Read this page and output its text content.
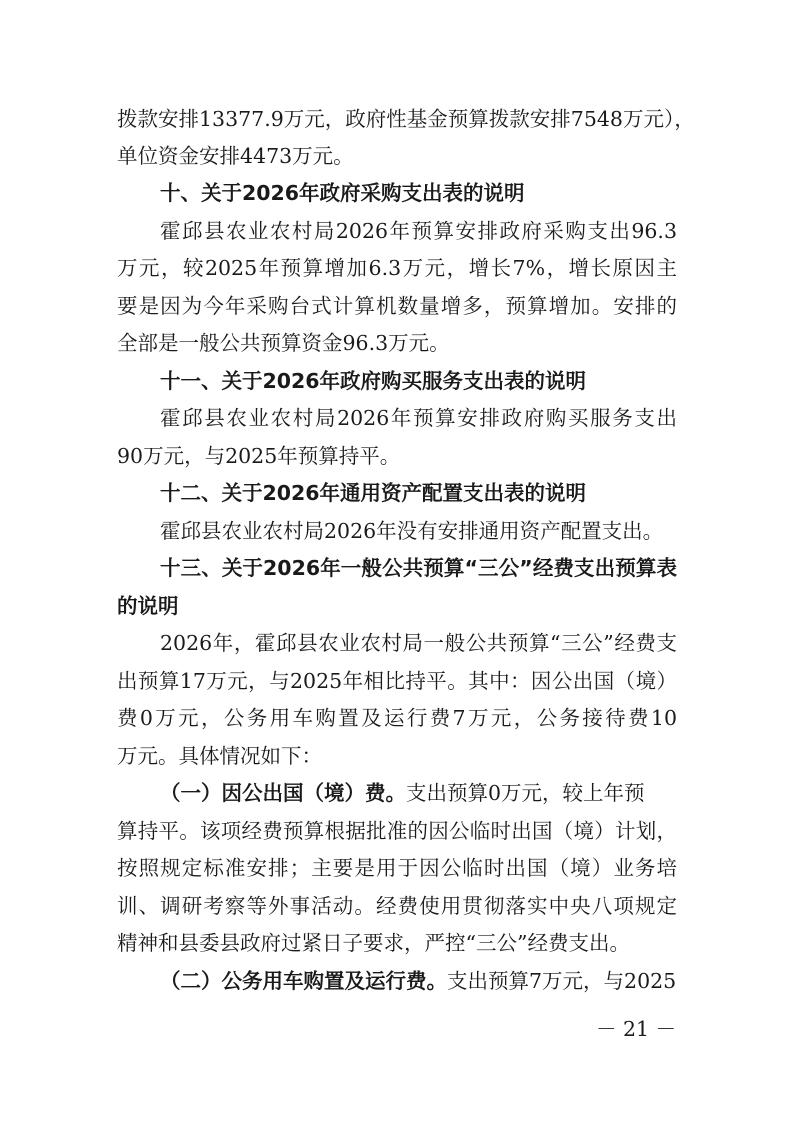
拨款安排13377.9万元，政府性基金预算拨款安排7548万元），
单位资金安排4473万元。
十、关于2026年政府采购支出表的说明
霍邱县农业农村局2026年预算安排政府采购支出96.3
万元，较2025年预算增加6.3万元，增长7%，增长原因主
要是因为今年采购台式计算机数量增多，预算增加。安排的
全部是一般公共预算资金96.3万元。
十一、关于2026年政府购买服务支出表的说明
霍邱县农业农村局2026年预算安排政府购买服务支出
90万元，与2025年预算持平。
十二、关于2026年通用资产配置支出表的说明
霍邱县农业农村局2026年没有安排通用资产配置支出。
十三、关于2026年一般公共预算“三公”经费支出预算表
的说明
2026年，霍邱县农业农村局一般公共预算“三公”经费支
出预算17万元，与2025年相比持平。其中：因公出国（境）
费0万元，公务用车购置及运行费7万元，公务接待费10
万元。具体情况如下：
（一）因公出国（境）费。支出预算0万元，较上年预
算持平。该项经费预算根据批准的因公临时出国（境）计划，
按照规定标准安排；主要是用于因公临时出国（境）业务培
训、调研考察等外事活动。经费使用贯彻落实中央八项规定
精神和县委县政府过紧日子要求，严控“三公”经费支出。
（二）公务用车购置及运行费。支出预算7万元，与2025
－ 21 －
